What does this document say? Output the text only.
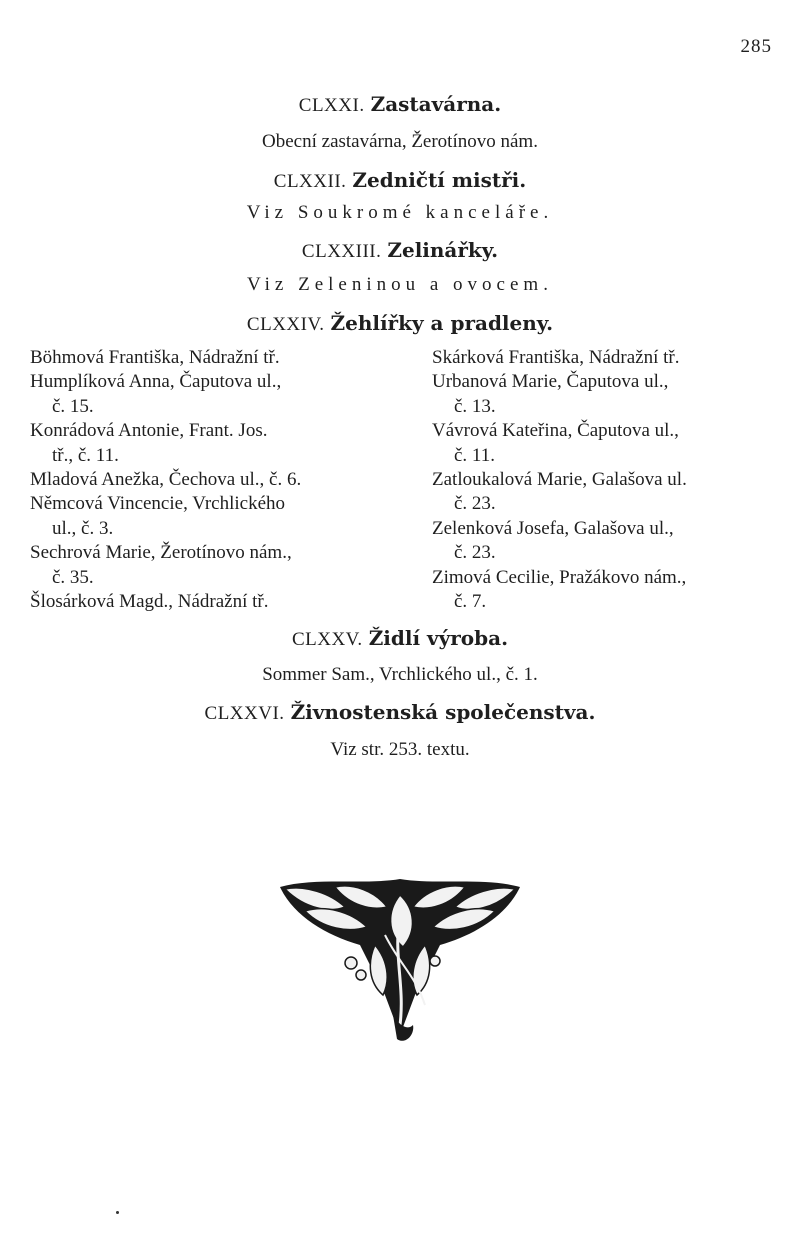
285
CLXXI. Zastavárna.
Obecní zastavárna, Žerotínovo nám.
CLXXII. Zedničtí mistři.
Viz Soukromé kanceláře.
CLXXIII. Zelinářky.
Viz Zeleninou a ovocem.
CLXXIV. Žehlířky a pradleny.

Böhmová Františka, Nádražní tř.

Humplíková Anna, Čaputova ul.,
č. 15.

Konrádová Antonie, Frant. Jos.
tř., č. 11.

Mladová Anežka, Čechova ul., č. 6.

Němcová Vincencie, Vrchlického
ul., č. 3.

Sechrová Marie, Žerotínovo nám.,
č. 35.

Šlosárková Magd., Nádražní tř.

Skárková Františka, Nádražní tř.

Urbanová Marie, Čaputova ul.,
č. 13.

Vávrová Kateřina, Čaputova ul.,
č. 11.

Zatloukalová Marie, Galašova ul.
č. 23.

Zelenková Josefa, Galašova ul.,
č. 23.

Zimová Cecilie, Pražákovo nám.,
č. 7.

CLXXV. Židlí výroba.
Sommer Sam., Vrchlického ul., č. 1.
CLXXVI. Živnostenská společenstva.
Viz str. 253. textu.
